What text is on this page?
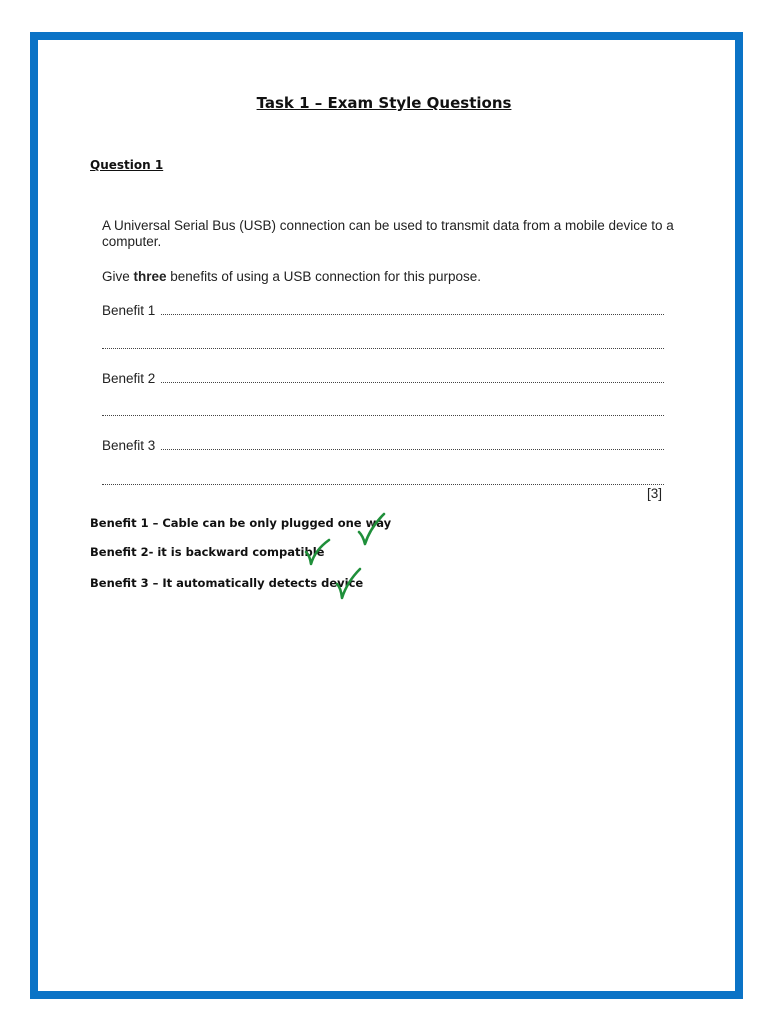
Task 1 – Exam Style Questions
Question 1
A Universal Serial Bus (USB) connection can be used to transmit data from a mobile device to a computer.
Give three benefits of using a USB connection for this purpose.
Benefit 1
Benefit 2
Benefit 3
[3]
Benefit 1 – Cable can be only plugged one way
Benefit 2- it is backward compatible
Benefit 3 – It automatically detects device
